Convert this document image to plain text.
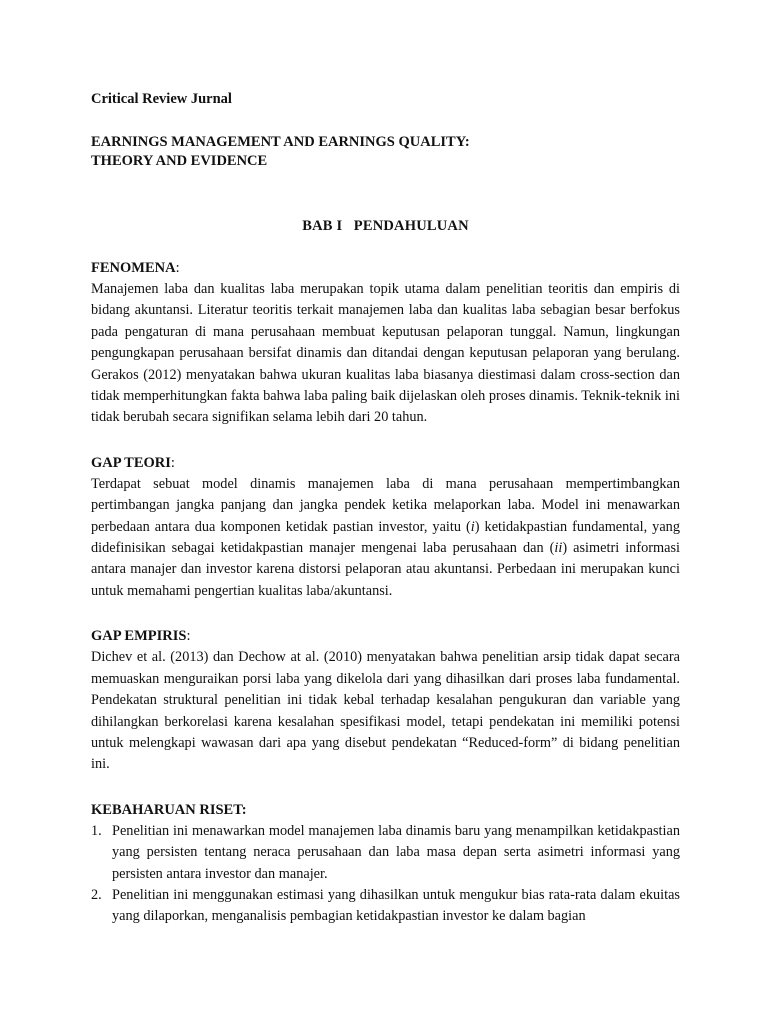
Critical Review Jurnal

EARNINGS MANAGEMENT AND EARNINGS QUALITY:
THEORY AND EVIDENCE

BAB I   PENDAHULUAN

FENOMENA:

Manajemen laba dan kualitas laba merupakan topik utama dalam penelitian teoritis dan empiris di bidang akuntansi. Literatur teoritis terkait manajemen laba dan kualitas laba sebagian besar berfokus pada pengaturan di mana perusahaan membuat keputusan pelaporan tunggal. Namun, lingkungan pengungkapan perusahaan bersifat dinamis dan ditandai dengan keputusan pelaporan yang berulang. Gerakos (2012) menyatakan bahwa ukuran kualitas laba biasanya diestimasi dalam cross-section dan tidak memperhitungkan fakta bahwa laba paling baik dijelaskan oleh proses dinamis. Teknik-teknik ini tidak berubah secara signifikan selama lebih dari 20 tahun.

GAP TEORI:

Terdapat sebuat model dinamis manajemen laba di mana perusahaan mempertimbangkan pertimbangan jangka panjang dan jangka pendek ketika melaporkan laba. Model ini menawarkan perbedaan antara dua komponen ketidak pastian investor, yaitu (i) ketidakpastian fundamental, yang didefinisikan sebagai ketidakpastian manajer mengenai laba perusahaan dan (ii) asimetri informasi antara manajer dan investor karena distorsi pelaporan atau akuntansi. Perbedaan ini merupakan kunci untuk memahami pengertian kualitas laba/akuntansi.

GAP EMPIRIS:

Dichev et al. (2013) dan Dechow at al. (2010) menyatakan bahwa penelitian arsip tidak dapat secara memuaskan menguraikan porsi laba yang dikelola dari yang dihasilkan dari proses laba fundamental. Pendekatan struktural penelitian ini tidak kebal terhadap kesalahan pengukuran dan variable yang dihilangkan berkorelasi karena kesalahan spesifikasi model, tetapi pendekatan ini memiliki potensi untuk melengkapi wawasan dari apa yang disebut pendekatan “Reduced-form” di bidang penelitian ini.

KEBAHARUAN RISET:

1. Penelitian ini menawarkan model manajemen laba dinamis baru yang menampilkan ketidakpastian yang persisten tentang neraca perusahaan dan laba masa depan serta asimetri informasi yang persisten antara investor dan manajer.
2. Penelitian ini menggunakan estimasi yang dihasilkan untuk mengukur bias rata-rata dalam ekuitas yang dilaporkan, menganalisis pembagian ketidakpastian investor ke dalam bagian
